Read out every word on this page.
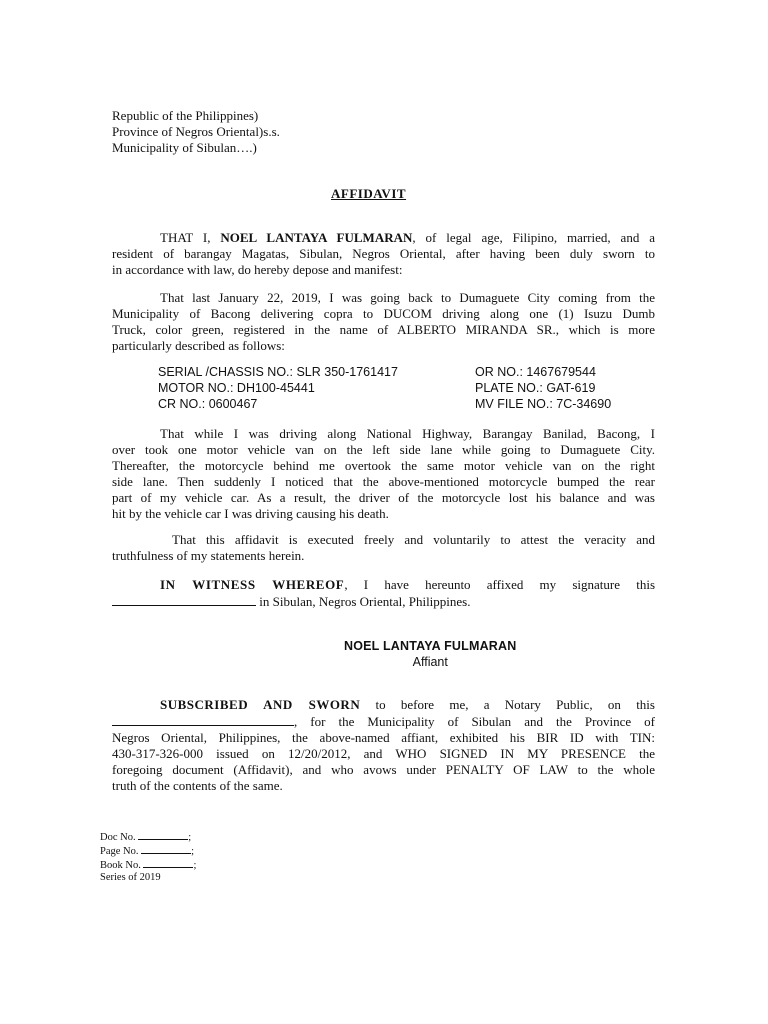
Republic of the Philippines)
Province of Negros Oriental)s.s.
Municipality of Sibulan….)
AFFIDAVIT
THAT I, NOEL LANTAYA FULMARAN, of legal age, Filipino, married, and a
resident of barangay Magatas, Sibulan, Negros Oriental, after having been duly sworn to
in accordance with law, do hereby depose and manifest:
That last January 22, 2019, I was going back to Dumaguete City coming from the
Municipality of Bacong delivering copra to DUCOM driving along one (1) Isuzu Dumb
Truck, color green, registered in the name of ALBERTO MIRANDA SR., which is more
particularly described as follows:
SERIAL /CHASSIS NO.: SLR 350-1761417	OR NO.: 1467679544
MOTOR NO.: DH100-45441	PLATE NO.: GAT-619
CR NO.: 0600467	MV FILE NO.: 7C-34690
That while I was driving along National Highway, Barangay Banilad, Bacong, I
over took one motor vehicle van on the left side lane while going to Dumaguete City.
Thereafter, the motorcycle behind me overtook the same motor vehicle van on the right
side lane. Then suddenly I noticed that the above-mentioned motorcycle bumped the rear
part of my vehicle car. As a result, the driver of the motorcycle lost his balance and was
hit by the vehicle car I was driving causing his death.
That this affidavit is executed freely and voluntarily to attest the veracity and
truthfulness of my statements herein.
IN WITNESS WHEREOF, I have hereunto affixed my signature this
in Sibulan, Negros Oriental, Philippines.
NOEL LANTAYA FULMARAN
Affiant
SUBSCRIBED AND SWORN to before me, a Notary Public, on this
, for the Municipality of Sibulan and the Province of
Negros Oriental, Philippines, the above-named affiant, exhibited his BIR ID with TIN:
430-317-326-000 issued on 12/20/2012, and WHO SIGNED IN MY PRESENCE the
foregoing document (Affidavit), and who avows under PENALTY OF LAW to the whole
truth of the contents of the same.
Doc No.	;
Page No.	;
Book No.	;
Series of 2019
